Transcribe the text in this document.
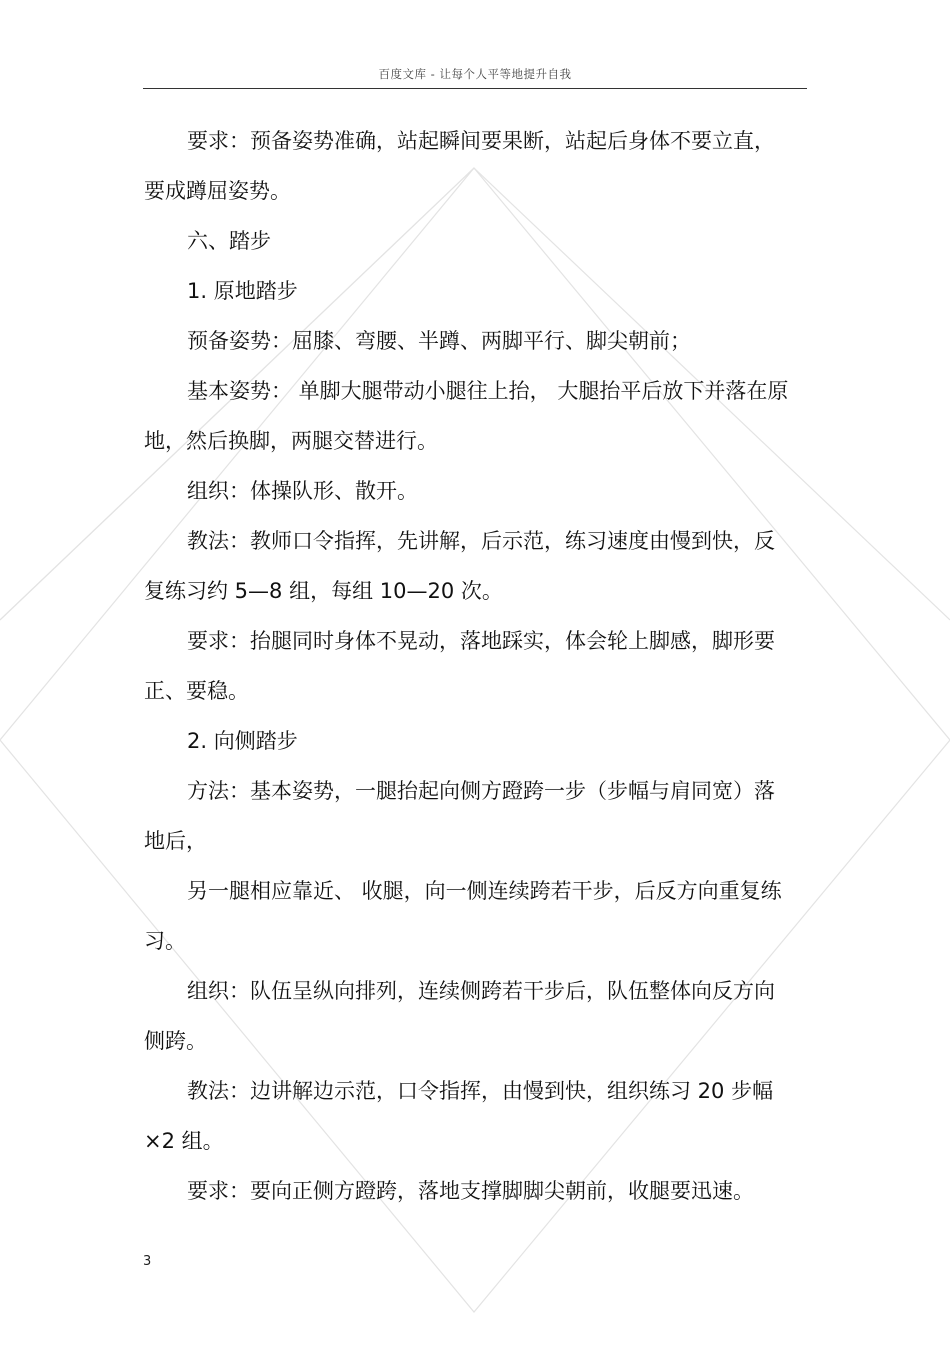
百度文库 - 让每个人平等地提升自我
要求：预备姿势准确，站起瞬间要果断，站起后身体不要立直，
要成蹲屈姿势。
六、踏步
1. 原地踏步
预备姿势：屈膝、弯腰、半蹲、两脚平行、脚尖朝前；
基本姿势： 单脚大腿带动小腿往上抬， 大腿抬平后放下并落在原
地，然后换脚，两腿交替进行。
组织：体操队形、散开。
教法：教师口令指挥，先讲解，后示范，练习速度由慢到快，反
复练习约 5—8 组，每组 10—20 次。
要求：抬腿同时身体不晃动，落地踩实，体会轮上脚感，脚形要
正、要稳。
2. 向侧踏步
方法：基本姿势，一腿抬起向侧方蹬跨一步（步幅与肩同宽）落
地后，
另一腿相应靠近、 收腿，向一侧连续跨若干步，后反方向重复练
习。
组织：队伍呈纵向排列，连续侧跨若干步后，队伍整体向反方向
侧跨。
教法：边讲解边示范，口令指挥，由慢到快，组织练习 20 步幅
×2 组。
要求：要向正侧方蹬跨，落地支撑脚脚尖朝前，收腿要迅速。
3
